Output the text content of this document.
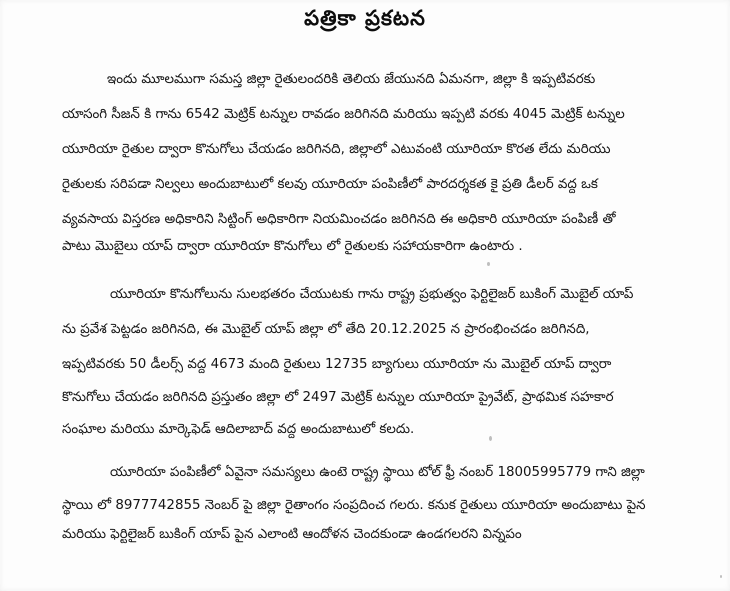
పత్రికా ప్రకటన
ఇందు మూలముగా సమస్త జిల్లా రైతులందరికి తెలియ జేయునది ఏమనగా, జిల్లా కి ఇప్పటివరకు
యాసంగి సీజన్ కి గాను 6542 మెట్రిక్ టన్నుల రావడం జరిగినది మరియు ఇప్పటి వరకు 4045 మెట్రిక్ టన్నుల
యూరియా రైతుల ద్వారా కొనుగోలు చేయడం జరిగినది, జిల్లాలో ఎటువంటి యూరియా కొరత లేదు మరియు
రైతులకు సరిపడా నిల్వలు అందుబాటులో కలవు యూరియా పంపిణీలో పారదర్శకత కై ప్రతి డీలర్ వద్ద ఒక
వ్యవసాయ విస్తరణ అధికారిని సిట్టింగ్ అధికారిగా నియమించడం జరిగినది ఈ అధికారి యూరియా పంపిణీ తో
పాటు మొబైలు యాప్ ద్వారా యూరియా కొనుగోలు లో రైతులకు సహాయకారిగా ఉంటారు .
యూరియా కొనుగోలును సులభతరం చేయుటకు గాను రాష్ట్ర ప్రభుత్వం ఫెర్టిలైజర్ బుకింగ్ మొబైల్ యాప్
ను ప్రవేశ పెట్టడం జరిగినది, ఈ మొబైల్ యాప్ జిల్లా లో తేది 20.12.2025 న ప్రారంభించడం జరిగినది,
ఇప్పటివరకు 50 డీలర్స్ వద్ద 4673 మంది రైతులు 12735 బ్యాగులు యూరియా ను మొబైల్ యాప్ ద్వారా
కొనుగోలు చేయడం జరిగినది ప్రస్తుతం జిల్లా లో 2497 మెట్రిక్ టన్నుల యూరియా ప్రైవేట్, ప్రాథమిక సహకార
సంఘాల మరియు మార్కెఫెడ్ ఆదిలాబాద్ వద్ద అందుబాటులో కలదు.
యూరియా పంపిణీలో ఏవైనా సమస్యలు ఉంటె రాష్ట్ర స్థాయి టోల్ ఫ్రీ నంబర్ 18005995779 గాని జిల్లా
స్థాయి లో 8977742855 నెంబర్ పై జిల్లా రైతాంగం సంప్రదించ గలరు. కనుక రైతులు యూరియా అందుబాటు పైన
మరియు ఫెర్టిలైజర్ బుకింగ్ యాప్ పైన ఎలాంటి ఆందోళన చెందకుండా ఉండగలరని విన్నపం
